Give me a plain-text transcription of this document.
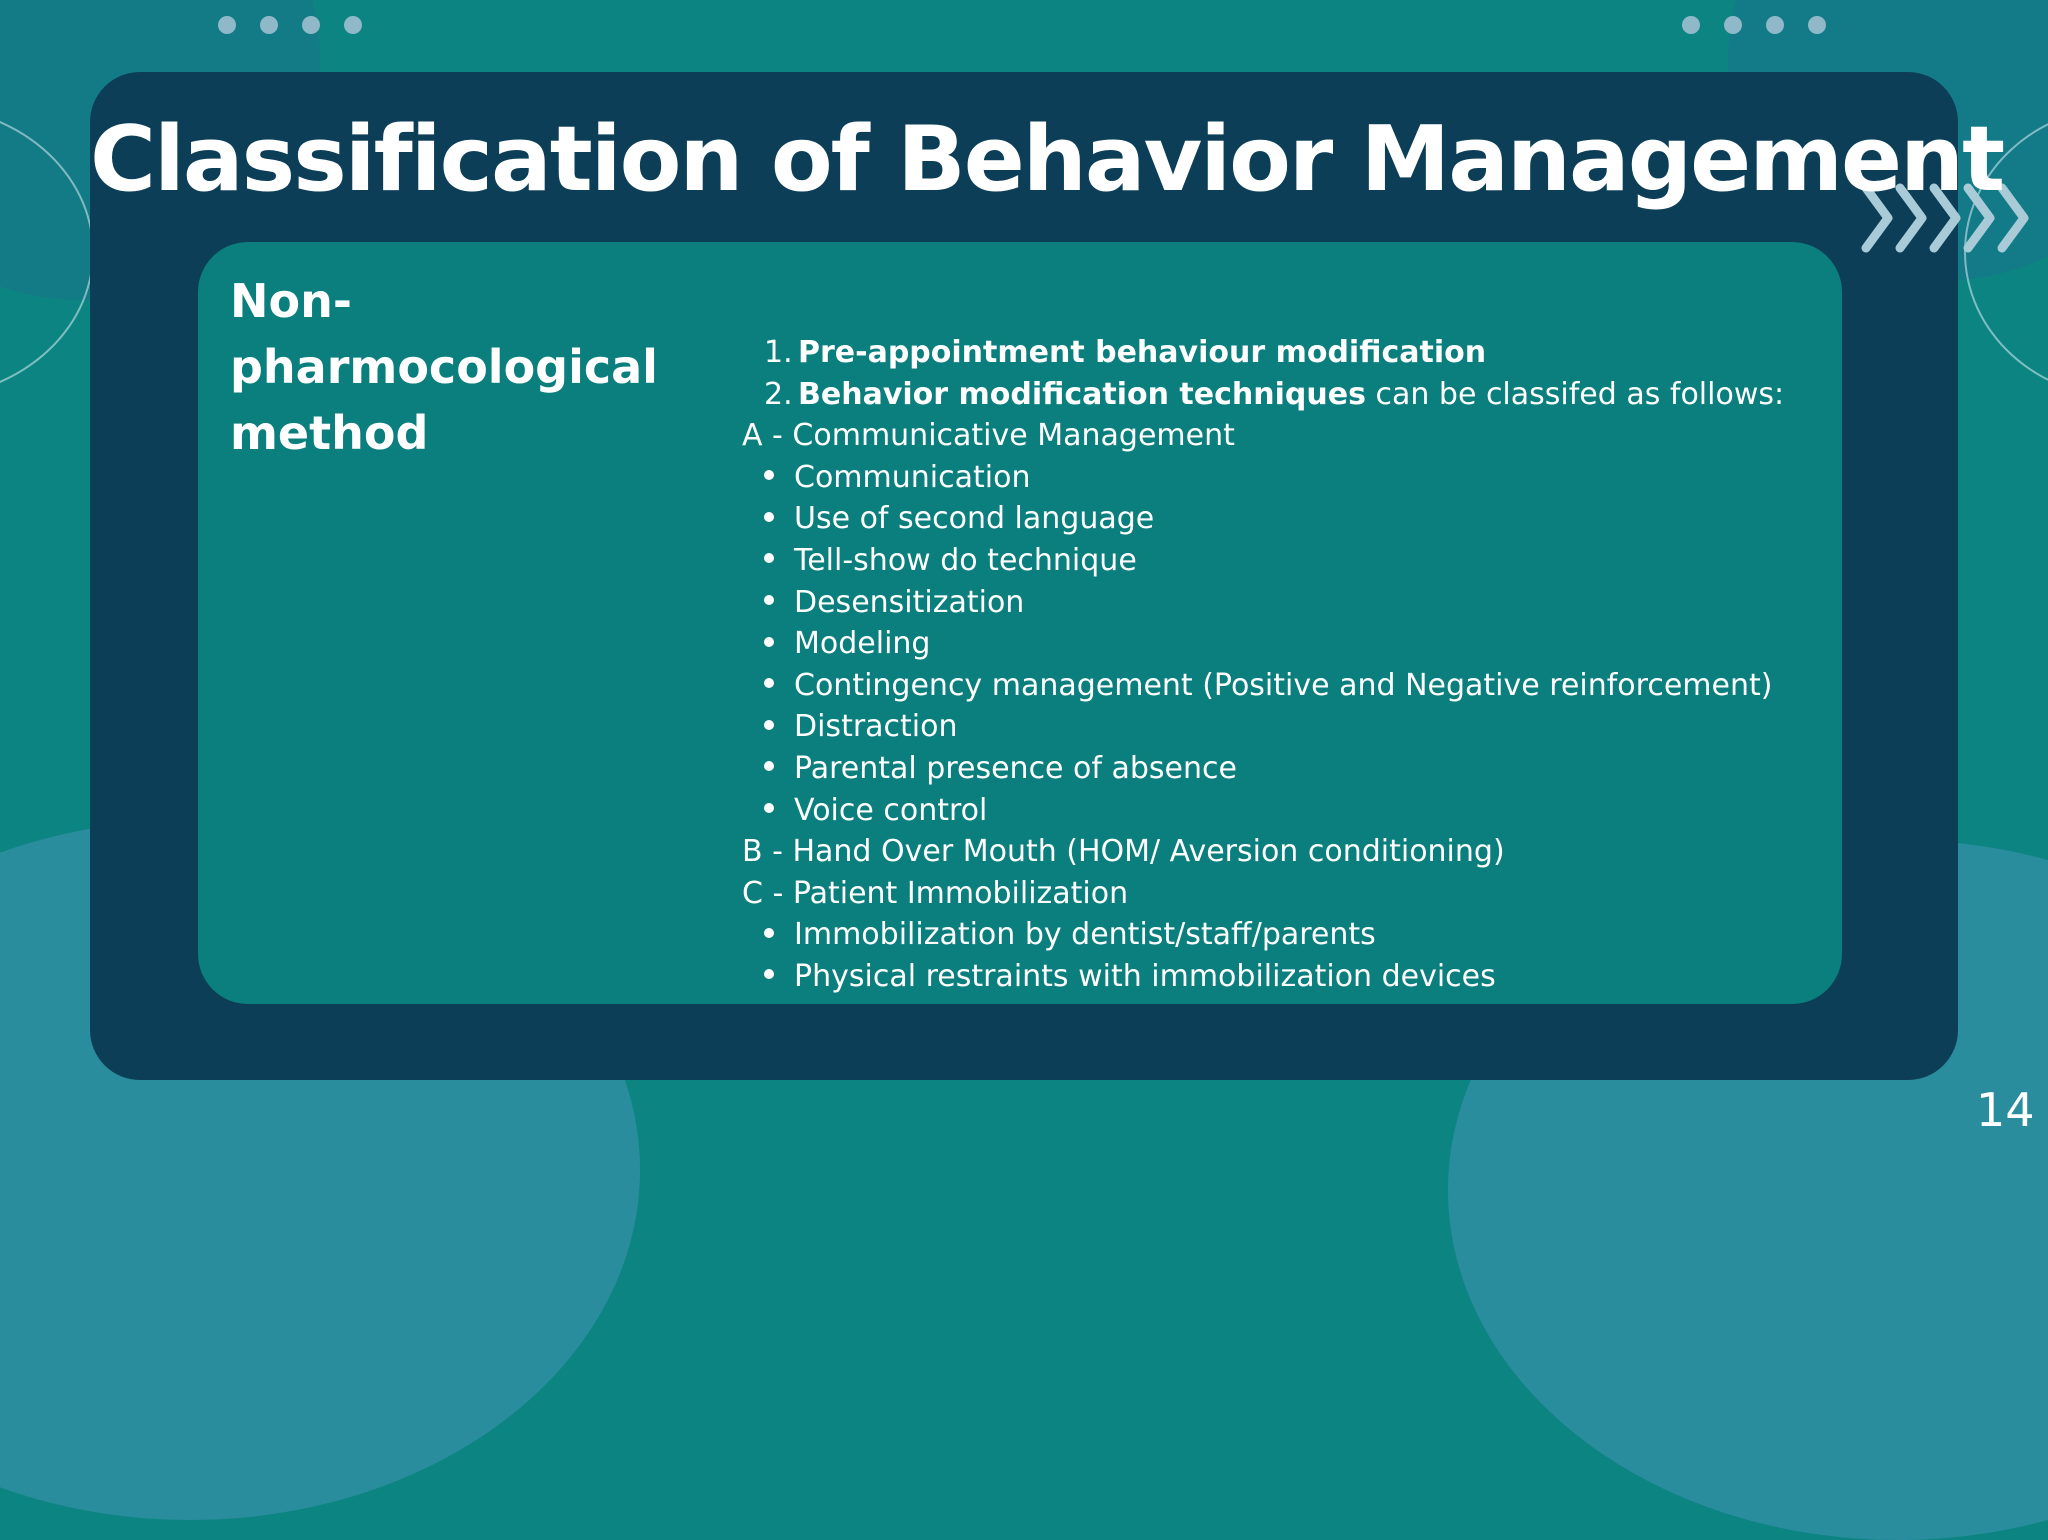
Classification of Behavior Management
Non-pharmocological method
1. Pre-appointment behaviour modification
2. Behavior modification techniques can be classifed as follows:
A - Communicative Management
Communication
Use of second language
Tell-show do technique
Desensitization
Modeling
Contingency management (Positive and Negative reinforcement)
Distraction
Parental presence of absence
Voice control
B - Hand Over Mouth (HOM/ Aversion conditioning)
C - Patient Immobilization
Immobilization by dentist/staff/parents
Physical restraints with immobilization devices
14
